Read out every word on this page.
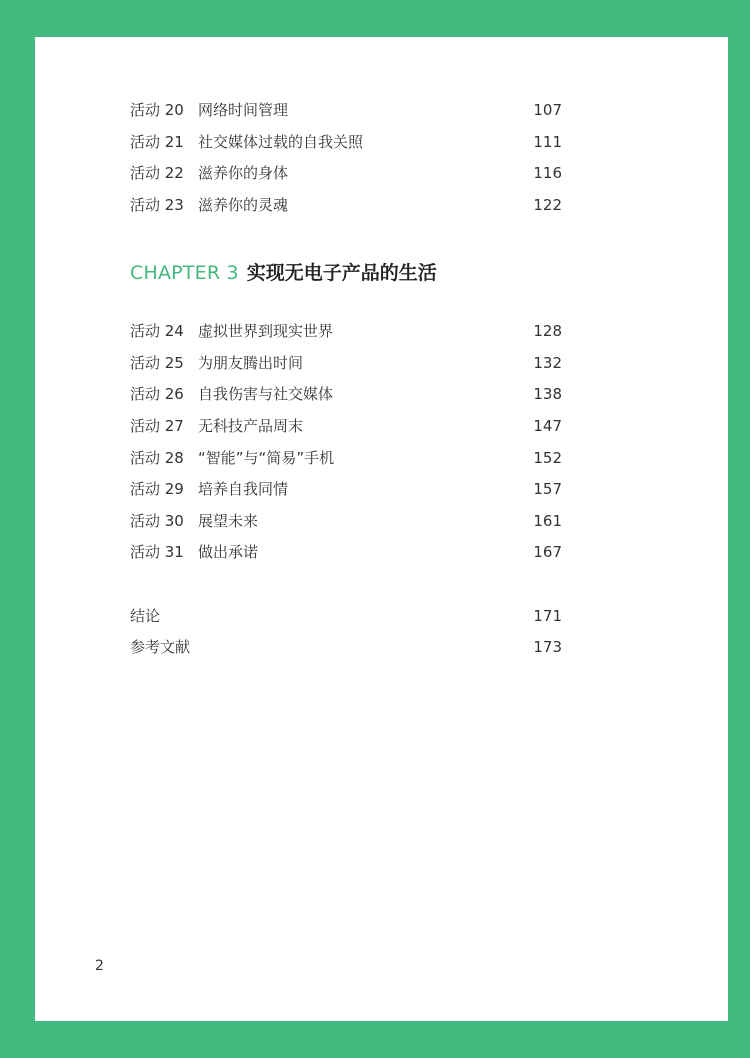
活动 20 网络时间管理	107
活动 21 社交媒体过载的自我关照	111
活动 22 滋养你的身体	116
活动 23 滋养你的灵魂	122
CHAPTER 3 实现无电子产品的生活
活动 24 虚拟世界到现实世界	128
活动 25 为朋友腾出时间	132
活动 26 自我伤害与社交媒体	138
活动 27 无科技产品周末	147
活动 28 “智能”与“简易”手机	152
活动 29 培养自我同情	157
活动 30 展望未来	161
活动 31 做出承诺	167
结论	171
参考文献	173
2
